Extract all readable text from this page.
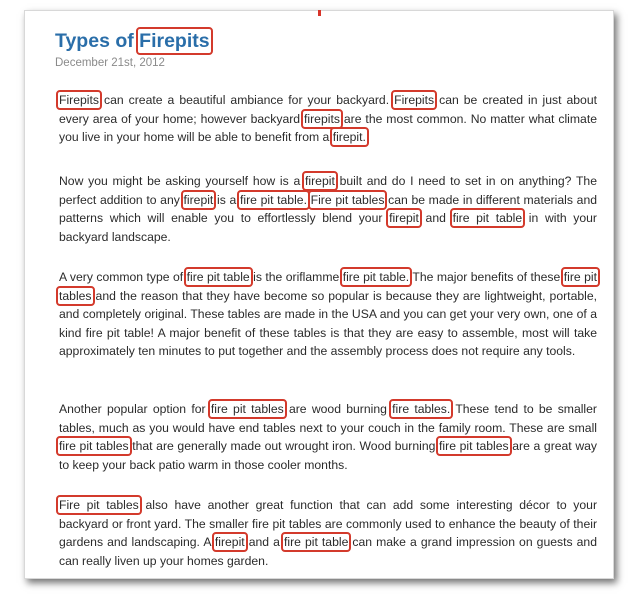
Types of Firepits
December 21st, 2012

Firepits can create a beautiful ambiance for your backyard. Firepits can be created in just about every area of your home; however backyard firepits are the most common. No matter what climate you live in your home will be able to benefit from a firepit.

Now you might be asking yourself how is a firepit built and do I need to set in on anything? The perfect addition to any firepit is a fire pit table. Fire pit tables can be made in different materials and patterns which will enable you to effortlessly blend your firepit and fire pit table in with your backyard landscape.

A very common type of fire pit table is the oriflamme fire pit table. The major benefits of these fire pit tables and the reason that they have become so popular is because they are lightweight, portable, and completely original. These tables are made in the USA and you can get your very own, one of a kind fire pit table! A major benefit of these tables is that they are easy to assemble, most will take approximately ten minutes to put together and the assembly process does not require any tools.

Another popular option for fire pit tables are wood burning fire tables. These tend to be smaller tables, much as you would have end tables next to your couch in the family room. These are small fire pit tables that are generally made out wrought iron. Wood burning fire pit tables are a great way to keep your back patio warm in those cooler months.

Fire pit tables also have another great function that can add some interesting décor to your backyard or front yard. The smaller fire pit tables are commonly used to enhance the beauty of their gardens and landscaping. A firepit and a fire pit table can make a grand impression on guests and can really liven up your homes garden.
